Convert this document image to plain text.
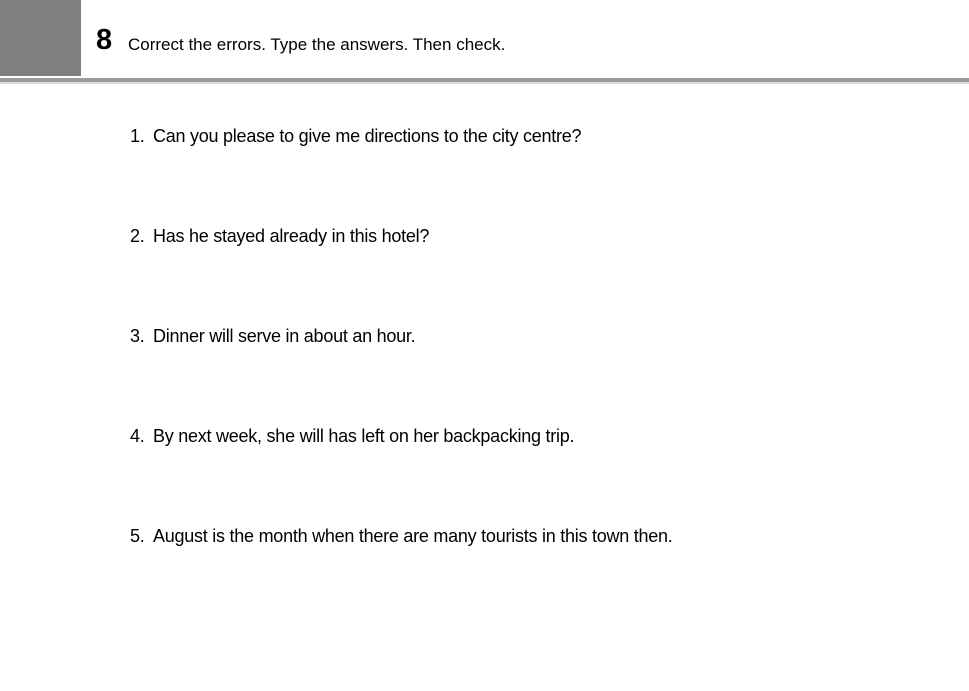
8 Correct the errors. Type the answers. Then check.
1. Can you please to give me directions to the city centre?
2. Has he stayed already in this hotel?
3. Dinner will serve in about an hour.
4. By next week, she will has left on her backpacking trip.
5. August is the month when there are many tourists in this town then.
